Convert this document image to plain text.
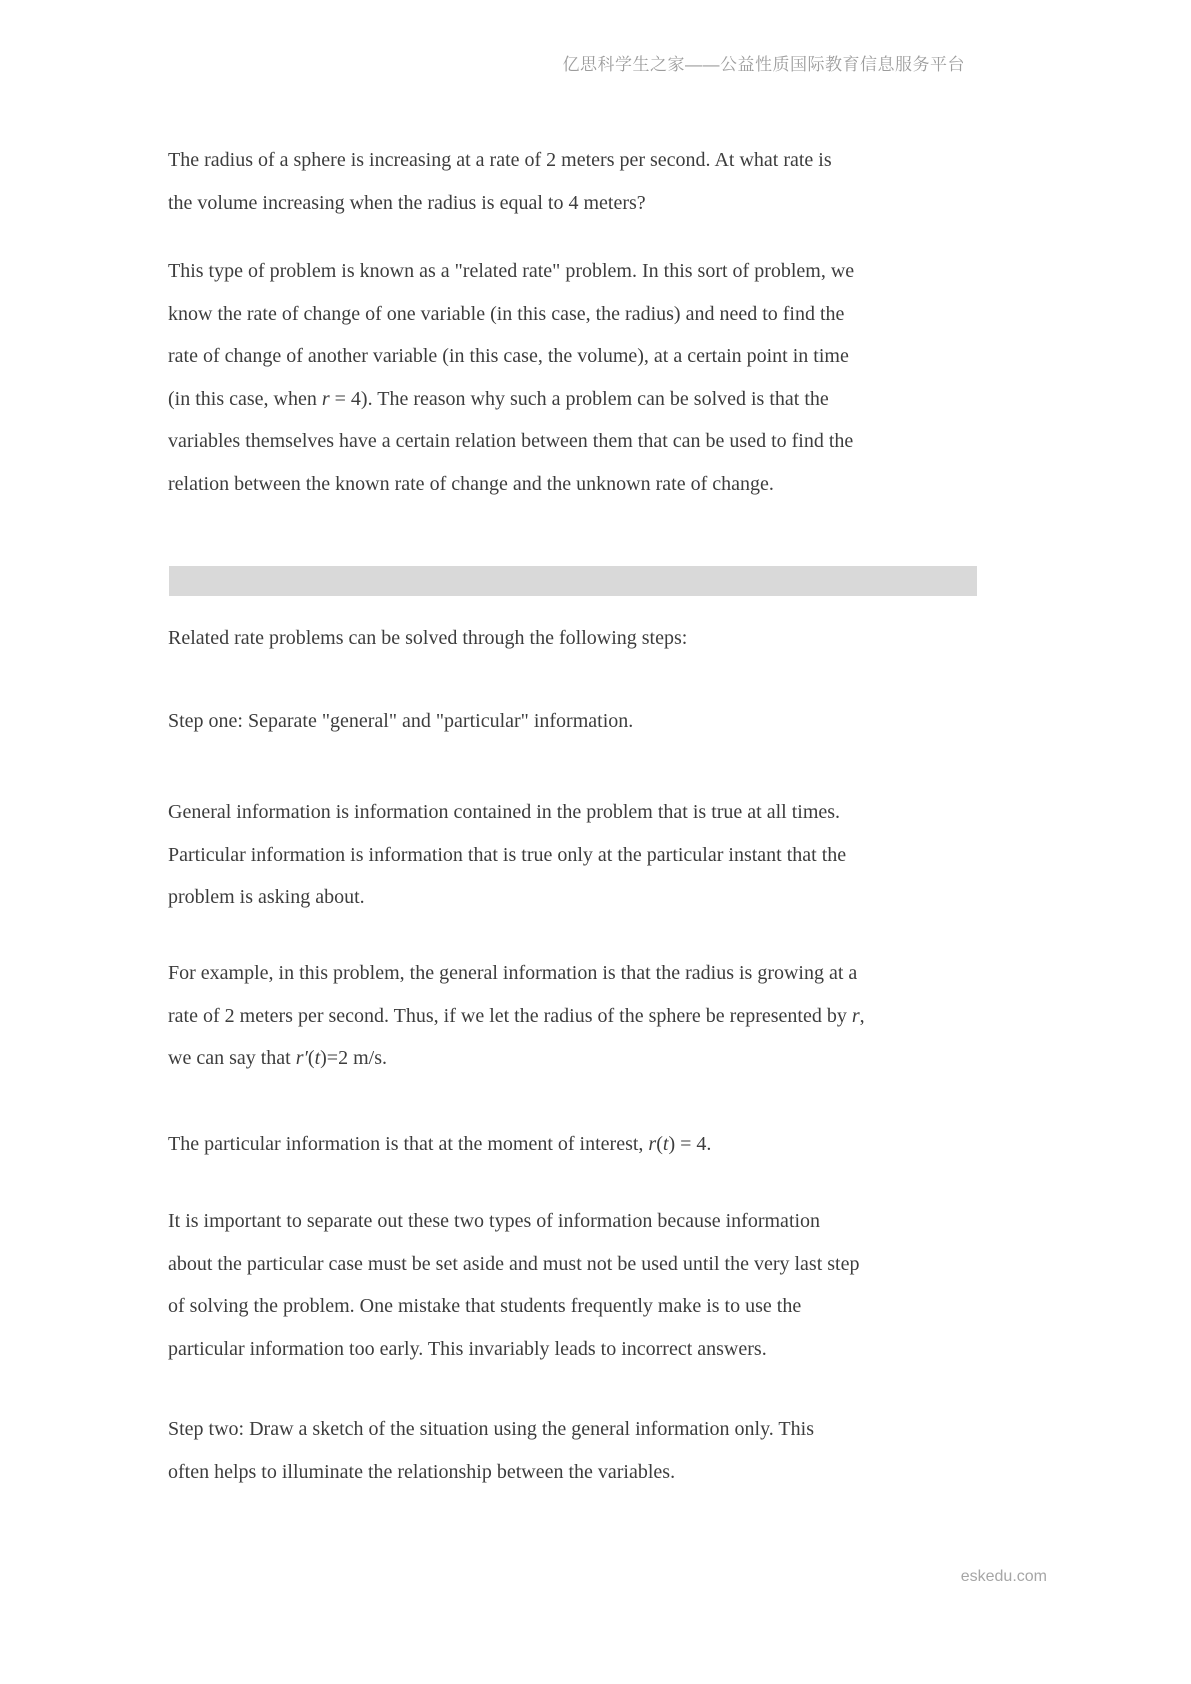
亿思科学生之家——公益性质国际教育信息服务平台
The radius of a sphere is increasing at a rate of 2 meters per second. At what rate is
the volume increasing when the radius is equal to 4 meters?
This type of problem is known as a "related rate" problem. In this sort of problem, we
know the rate of change of one variable (in this case, the radius) and need to find the
rate of change of another variable (in this case, the volume), at a certain point in time
(in this case, when r = 4). The reason why such a problem can be solved is that the
variables themselves have a certain relation between them that can be used to find the
relation between the known rate of change and the unknown rate of change.
Related rate problems can be solved through the following steps:
Step one: Separate "general" and "particular" information.
General information is information contained in the problem that is true at all times.
Particular information is information that is true only at the particular instant that the
problem is asking about.
For example, in this problem, the general information is that the radius is growing at a
rate of 2 meters per second. Thus, if we let the radius of the sphere be represented by r,
we can say that r′(t)=2 m/s.
The particular information is that at the moment of interest, r(t) = 4.
It is important to separate out these two types of information because information
about the particular case must be set aside and must not be used until the very last step
of solving the problem. One mistake that students frequently make is to use the
particular information too early. This invariably leads to incorrect answers.
Step two: Draw a sketch of the situation using the general information only. This
often helps to illuminate the relationship between the variables.
eskedu.com
